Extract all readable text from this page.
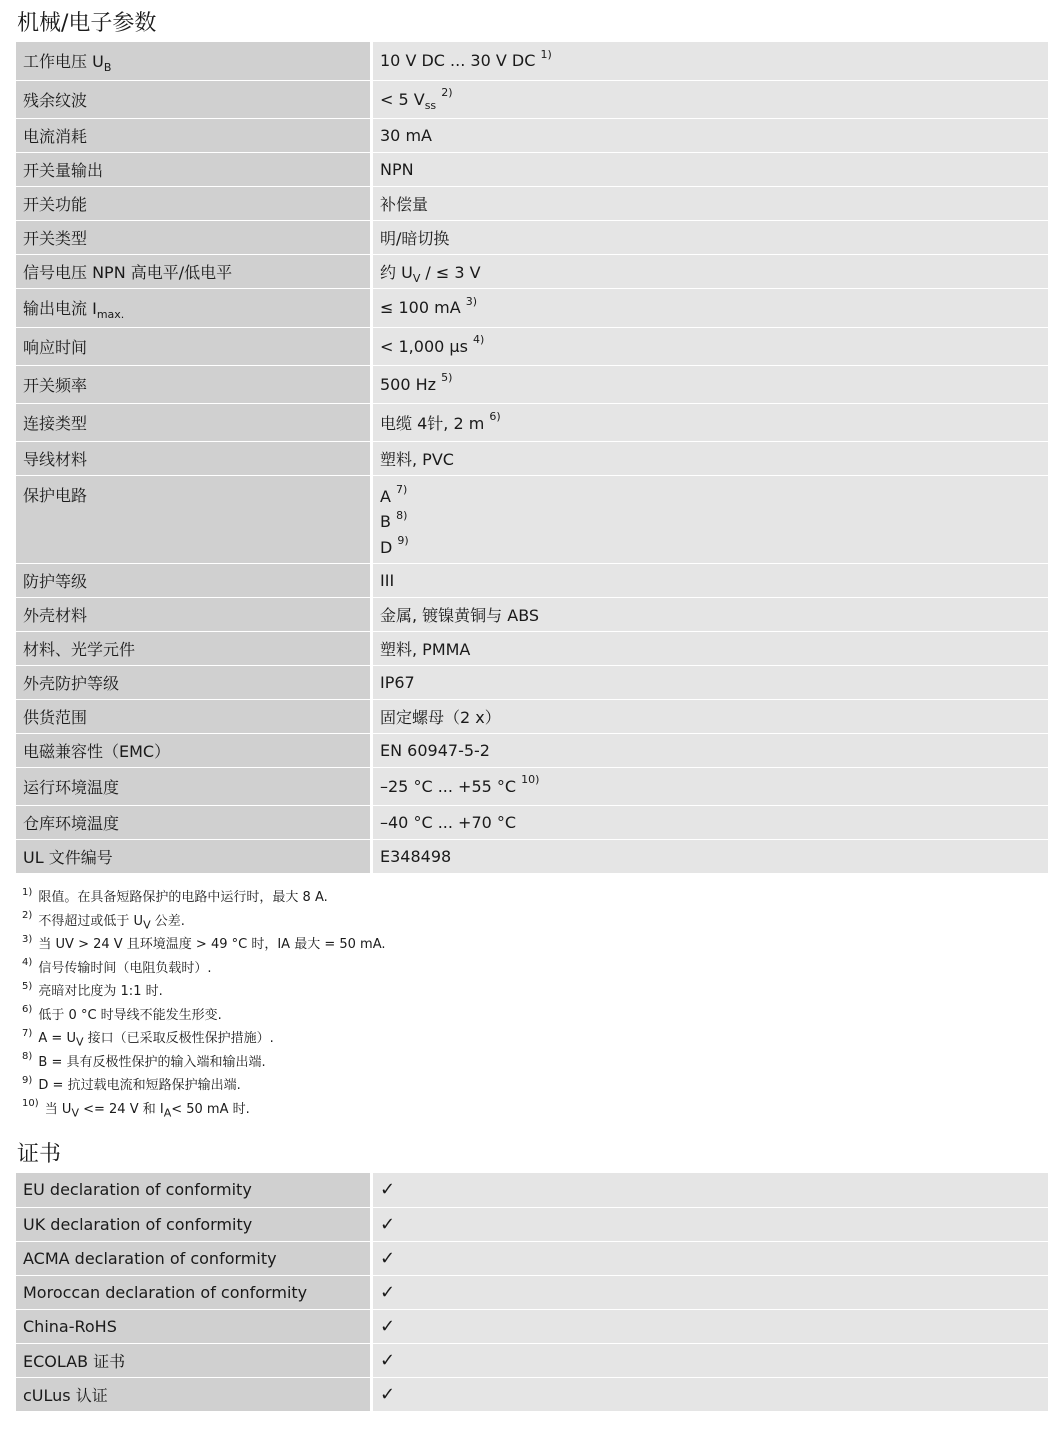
机械/电子参数
工作电压 $U_B$	10 V DC ... 30 V DC $^{1)}$
残余纹波	< 5 $V_{ss}$ $^{2)}$
电流消耗	30 mA
开关量输出	NPN
开关功能	补偿量
开关类型	明/暗切换
信号电压 NPN 高电平/低电平	约 $U_V$ / ≤ 3 V
输出电流 $I_{max.}$	≤ 100 mA $^{3)}$
响应时间	< 1,000 μs $^{4)}$
开关频率	500 Hz $^{5)}$
连接类型	电缆 4针, 2 m $^{6)}$
导线材料	塑料, PVC
保护电路	A $^{7)}$
B $^{8)}$
D $^{9)}$

防护等级	III
外壳材料	金属, 镀镍黄铜与 ABS
材料、光学元件	塑料, PMMA
外壳防护等级	IP67
供货范围	固定螺母（2 x）
电磁兼容性（EMC）	EN 60947-5-2
运行环境温度	–25 °C ... +55 °C $^{10)}$
仓库环境温度	–40 °C ... +70 °C
UL 文件编号	E348498
$^{1)}$ 限值。在具备短路保护的电路中运行时，最大 8 A.
$^{2)}$ 不得超过或低于 $U_V$ 公差.
$^{3)}$ 当 UV > 24 V 且环境温度 > 49 °C 时，IA 最大 = 50 mA.
$^{4)}$ 信号传输时间（电阻负载时）.
$^{5)}$ 亮暗对比度为 1:1 时.
$^{6)}$ 低于 0 °C 时导线不能发生形变.
$^{7)}$ $A = U_V$ 接口（已采取反极性保护措施）.
$^{8)}$ B = 具有反极性保护的输入端和输出端.
$^{9)}$ D = 抗过载电流和短路保护输出端.
$^{10)}$ 当 $U_V <= 24$ V 和 $I_A< 50$ mA 时.
证书
EU declaration of conformity	✓
UK declaration of conformity	✓
ACMA declaration of conformity	✓
Moroccan declaration of conformity	✓
China-RoHS	✓
ECOLAB 证书	✓
cULus 认证	✓
